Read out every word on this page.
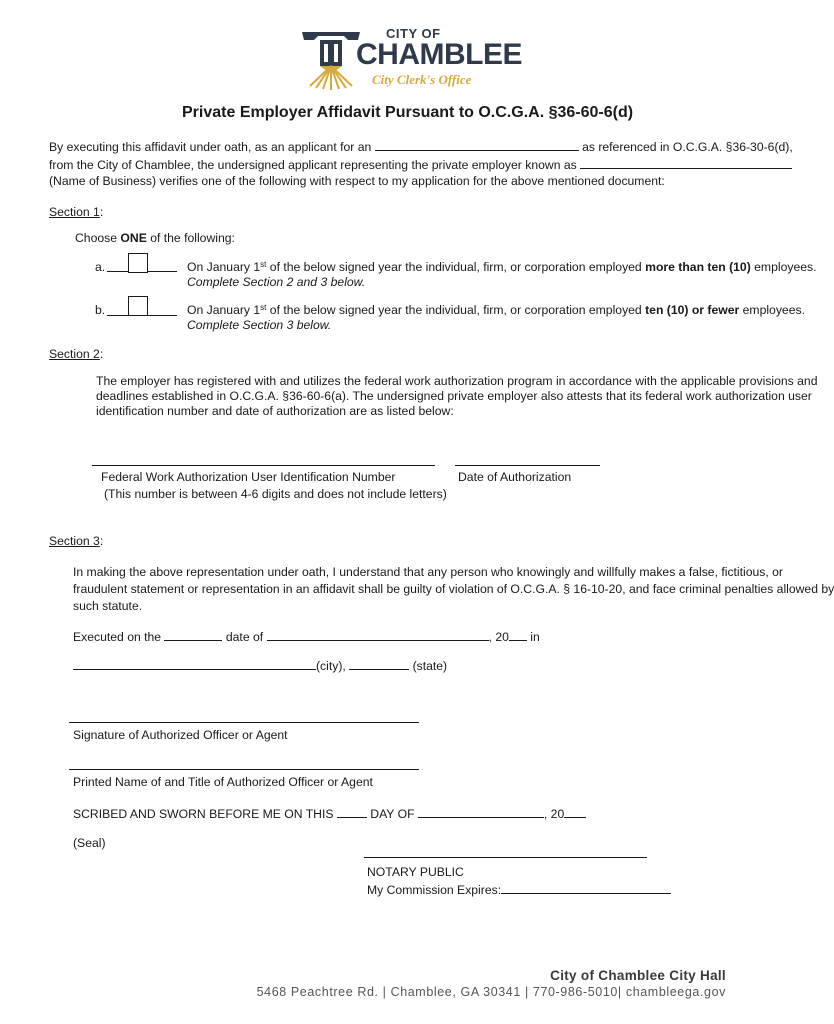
CITY OF
CHAMBLEE
City Clerk's Office
Private Employer Affidavit Pursuant to O.C.G.A. §36-60-6(d)
By executing this affidavit under oath, as an applicant for an	as referenced in O.C.G.A. §36-30-6(d),
from the City of Chamblee, the undersigned applicant representing the private employer known as
(Name of Business) verifies one of the following with respect to my application for the above mentioned document:
Section 1:
Choose ONE of the following:
a.	On January 1st of the below signed year the individual, firm, or corporation employed more than ten (10) employees.
Complete Section 2 and 3 below.
b.	On January 1st of the below signed year the individual, firm, or corporation employed ten (10) or fewer employees.
Complete Section 3 below.
Section 2:
The employer has registered with and utilizes the federal work authorization program in accordance with the applicable provisions and
deadlines established in O.C.G.A. §36-60-6(a). The undersigned private employer also attests that its federal work authorization user
identification number and date of authorization are as listed below:
Federal Work Authorization User Identification Number
(This number is between 4-6 digits and does not include letters)
Date of Authorization
Section 3:
In making the above representation under oath, I understand that any person who knowingly and willfully makes a false, fictitious, or
fraudulent statement or representation in an affidavit shall be guilty of violation of O.C.G.A. § 16-10-20, and face criminal penalties allowed by
such statute.
Executed on the	date of	, 20 in
(city),	(state)
Signature of Authorized Officer or Agent
Printed Name of and Title of Authorized Officer or Agent
SCRIBED AND SWORN BEFORE ME ON THIS	DAY OF	, 20
(Seal)
NOTARY PUBLIC
My Commission Expires:
City of Chamblee City Hall
5468 Peachtree Rd. | Chamblee, GA 30341 | 770-986-5010| chambleega.gov
